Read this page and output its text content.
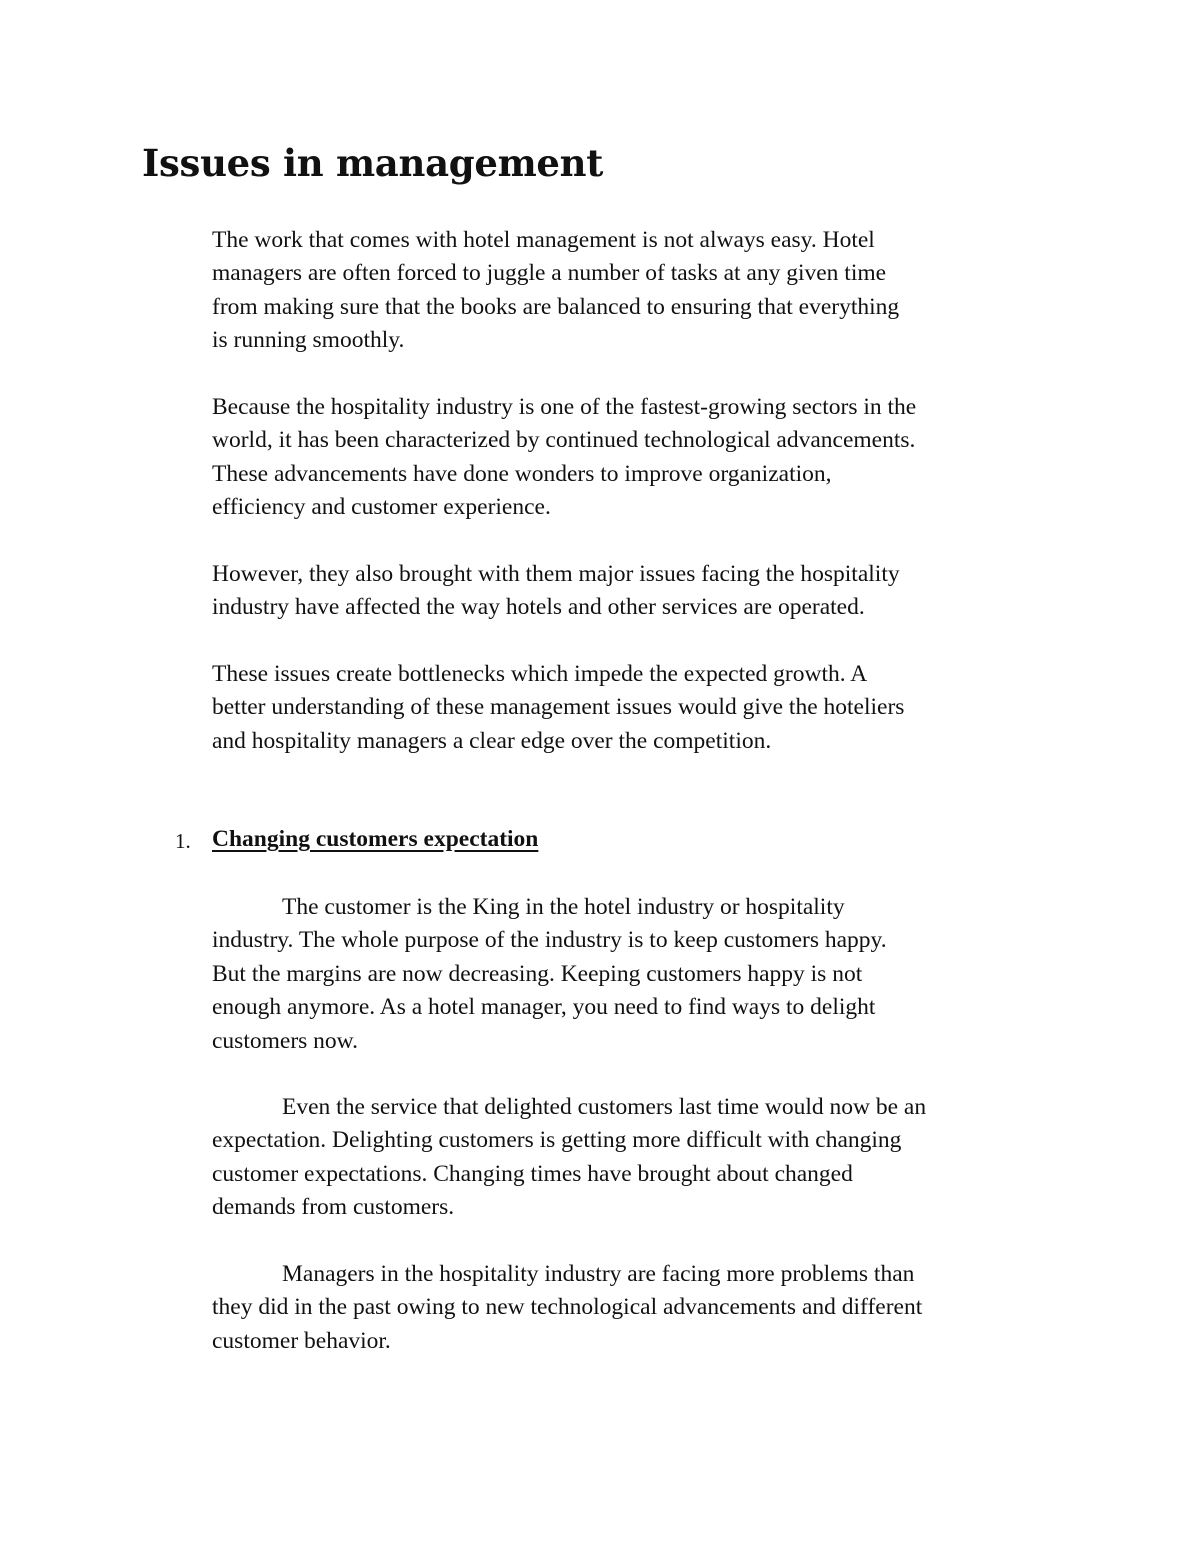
Issues in management

The work that comes with hotel management is not always easy. Hotel
managers are often forced to juggle a number of tasks at any given time
from making sure that the books are balanced to ensuring that everything
is running smoothly.

Because the hospitality industry is one of the fastest-growing sectors in the
world, it has been characterized by continued technological advancements.
These advancements have done wonders to improve organization,
efficiency and customer experience.

However, they also brought with them major issues facing the hospitality
industry have affected the way hotels and other services are operated.

These issues create bottlenecks which impede the expected growth. A
better understanding of these management issues would give the hoteliers
and hospitality managers a clear edge over the competition.

1. Changing customers expectation

The customer is the King in the hotel industry or hospitality
industry. The whole purpose of the industry is to keep customers happy.
But the margins are now decreasing. Keeping customers happy is not
enough anymore. As a hotel manager, you need to find ways to delight
customers now.

Even the service that delighted customers last time would now be an
expectation. Delighting customers is getting more difficult with changing
customer expectations. Changing times have brought about changed
demands from customers.

Managers in the hospitality industry are facing more problems than
they did in the past owing to new technological advancements and different
customer behavior.
